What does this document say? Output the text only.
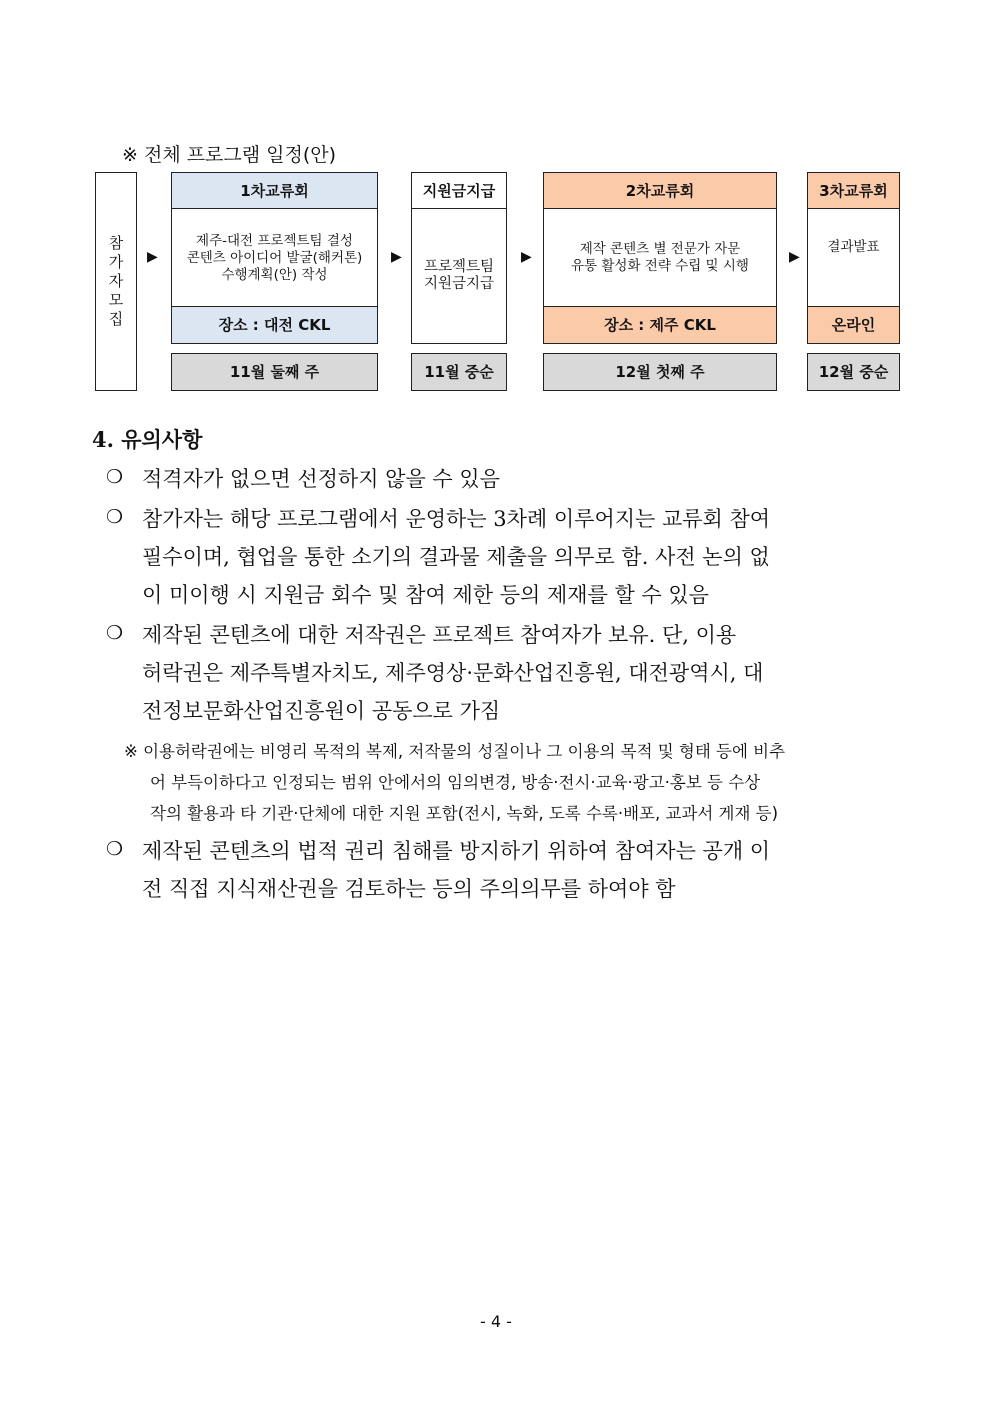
※ 전체 프로그램 일정(안)
참
가
자
모
집
▶	▶	▶	▶
1차교류회
제주-대전 프로젝트팀 결성
콘텐츠 아이디어 발굴(해커톤)
수행계획(안) 작성
장소 : 대전 CKL
11월 둘째 주
지원금지급
프로젝트팀
지원금지급
11월 중순
2차교류회
제작 콘텐츠 별 전문가 자문
유통 활성화 전략 수립 및 시행
장소 : 제주 CKL
12월 첫째 주
3차교류회
결과발표
온라인
12월 중순
4. 유의사항
❍ 적격자가 없으면 선정하지 않을 수 있음
❍ 참가자는 해당 프로그램에서 운영하는 3차례 이루어지는 교류회 참여
필수이며, 협업을 통한 소기의 결과물 제출을 의무로 함. 사전 논의 없
이 미이행 시 지원금 회수 및 참여 제한 등의 제재를 할 수 있음
❍ 제작된 콘텐츠에 대한 저작권은 프로젝트 참여자가 보유. 단, 이용
허락권은 제주특별자치도, 제주영상·문화산업진흥원, 대전광역시, 대
전정보문화산업진흥원이 공동으로 가짐
※ 이용허락권에는 비영리 목적의 복제, 저작물의 성질이나 그 이용의 목적 및 형태 등에 비추
어 부득이하다고 인정되는 범위 안에서의 임의변경, 방송·전시·교육·광고·홍보 등 수상
작의 활용과 타 기관·단체에 대한 지원 포함(전시, 녹화, 도록 수록·배포, 교과서 게재 등)
❍ 제작된 콘텐츠의 법적 권리 침해를 방지하기 위하여 참여자는 공개 이
전 직접 지식재산권을 검토하는 등의 주의의무를 하여야 함
- 4 -
